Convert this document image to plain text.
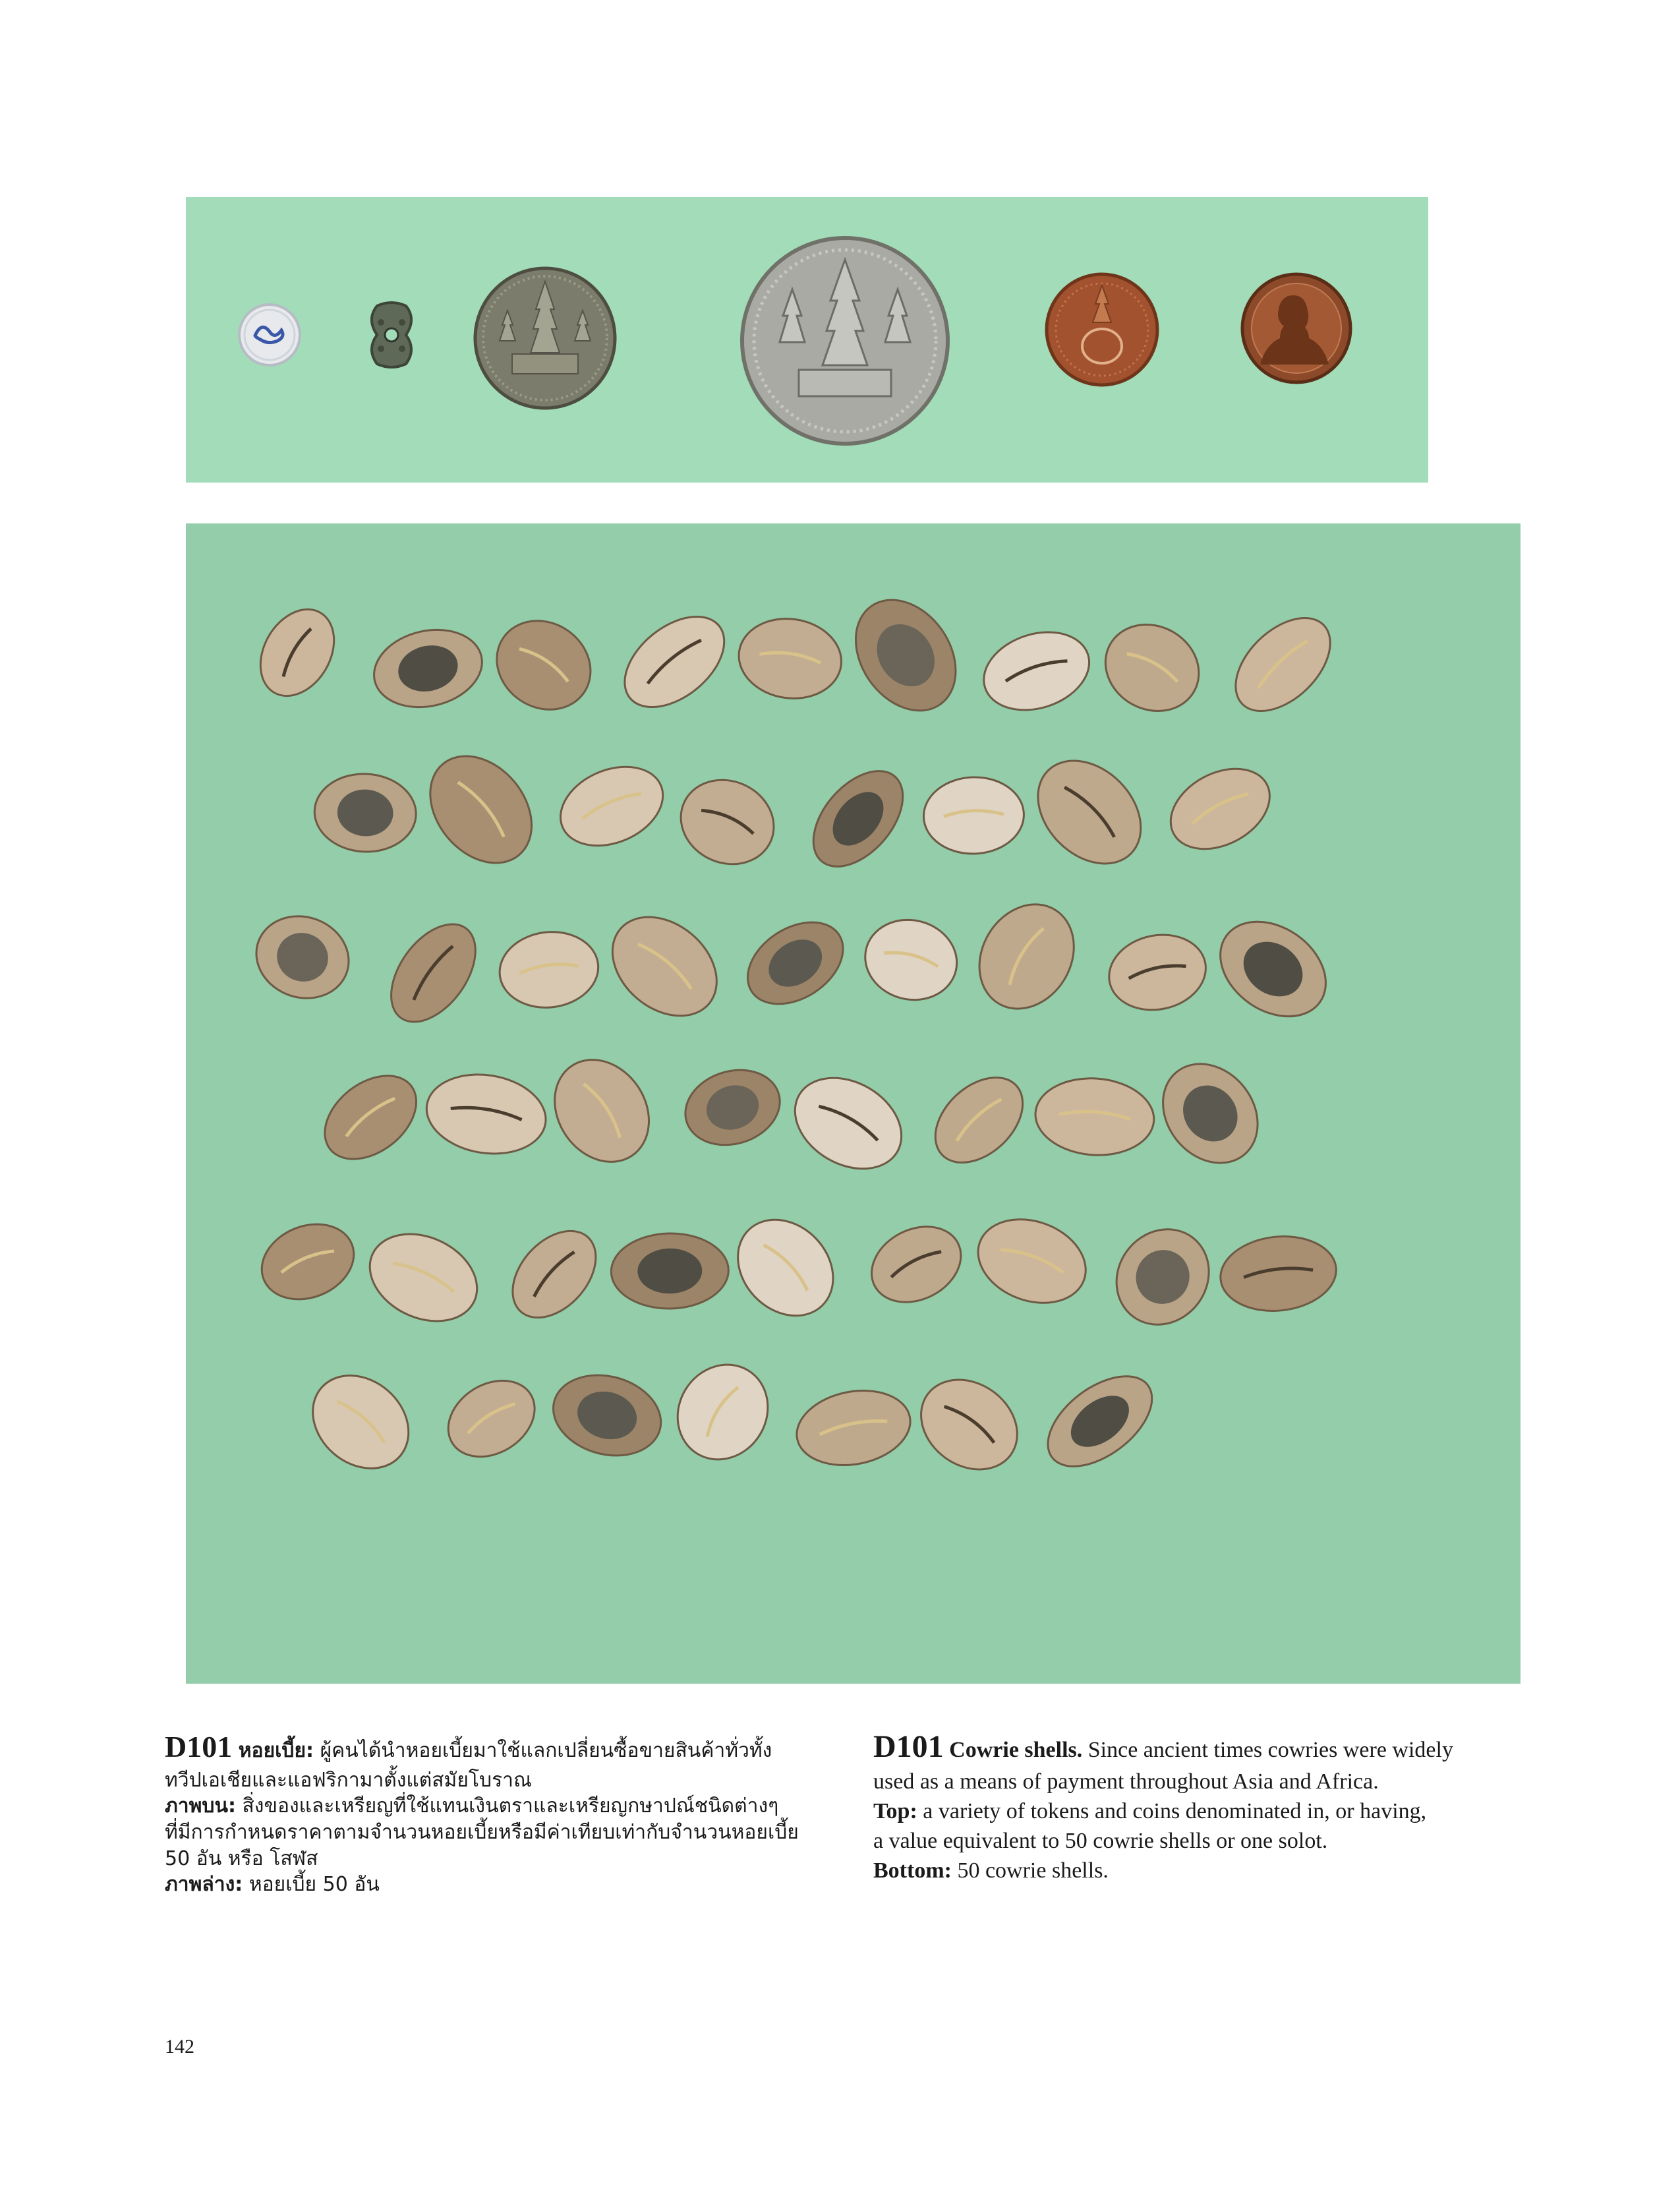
D101 หอยเบี้ย: ผู้คนได้นำหอยเบี้ยมาใช้แลกเปลี่ยนซื้อขายสินค้าทั่วทั้ง
ทวีปเอเชียและแอฟริกามาตั้งแต่สมัยโบราณ
ภาพบน: สิ่งของและเหรียญที่ใช้แทนเงินตราและเหรียญกษาปณ์ชนิดต่างๆ
ที่มีการกำหนดราคาตามจำนวนหอยเบี้ยหรือมีค่าเทียบเท่ากับจำนวนหอยเบี้ย
50 อัน หรือ โสฬส
ภาพล่าง: หอยเบี้ย 50 อัน
D101 Cowrie shells. Since ancient times cowries were widely
used as a means of payment throughout Asia and Africa.
Top: a variety of tokens and coins denominated in, or having,
a value equivalent to 50 cowrie shells or one solot.
Bottom: 50 cowrie shells.
142
